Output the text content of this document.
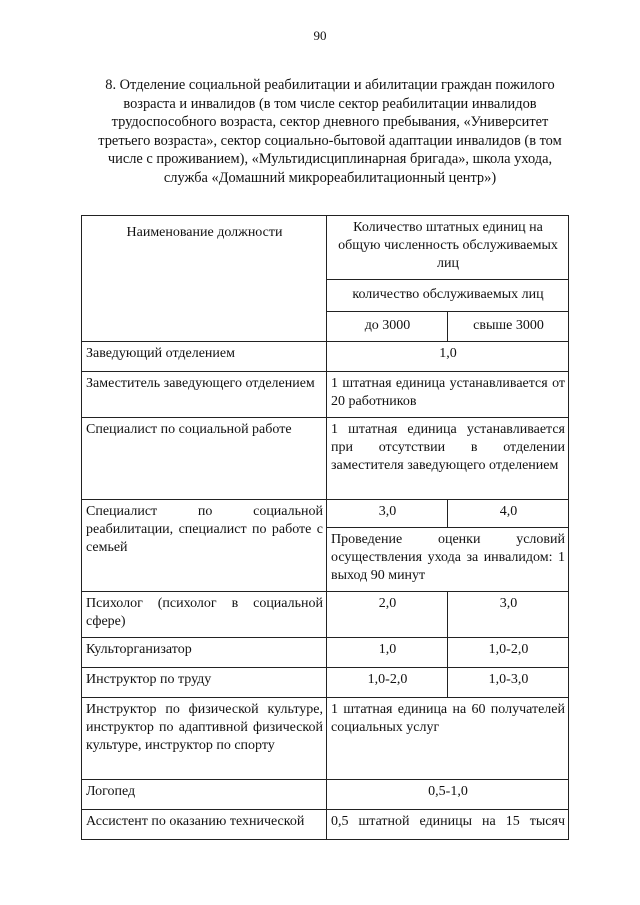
90
8. Отделение социальной реабилитации и абилитации граждан пожилого возраста и инвалидов (в том числе сектор реабилитации инвалидов трудоспособного возраста, сектор дневного пребывания, «Университет третьего возраста», сектор социально-бытовой адаптации инвалидов (в том числе с проживанием), «Мультидисциплинарная бригада», школа ухода, служба «Домашний микрореабилитационный центр»)
Наименование должности	Количество штатных единиц на общую численность обслуживаемых лиц	
	количество обслуживаемых лиц	
	до 3000	свыше 3000
Заведующий отделением	1,0	
Заместитель заведующего отделением	1 штатная единица устанавливается от 20 работников	
Специалист по социальной работе	1 штатная единица устанавливается при отсутствии в отделении заместителя заведующего отделением	
Специалист по социальной реабилитации, специалист по работе с семьей	3,0	4,0
	Проведение оценки условий осуществления ухода за инвалидом: 1 выход 90 минут	
Психолог (психолог в социальной сфере)	2,0	3,0
Культорганизатор	1,0	1,0-2,0
Инструктор по труду	1,0-2,0	1,0-3,0
Инструктор по физической культуре, инструктор по адаптивной физической культуре, инструктор по спорту	1 штатная единица на 60 получателей социальных услуг	
Логопед	0,5-1,0	
Ассистент по оказанию технической	0,5 штатной единицы на 15 тысяч	
